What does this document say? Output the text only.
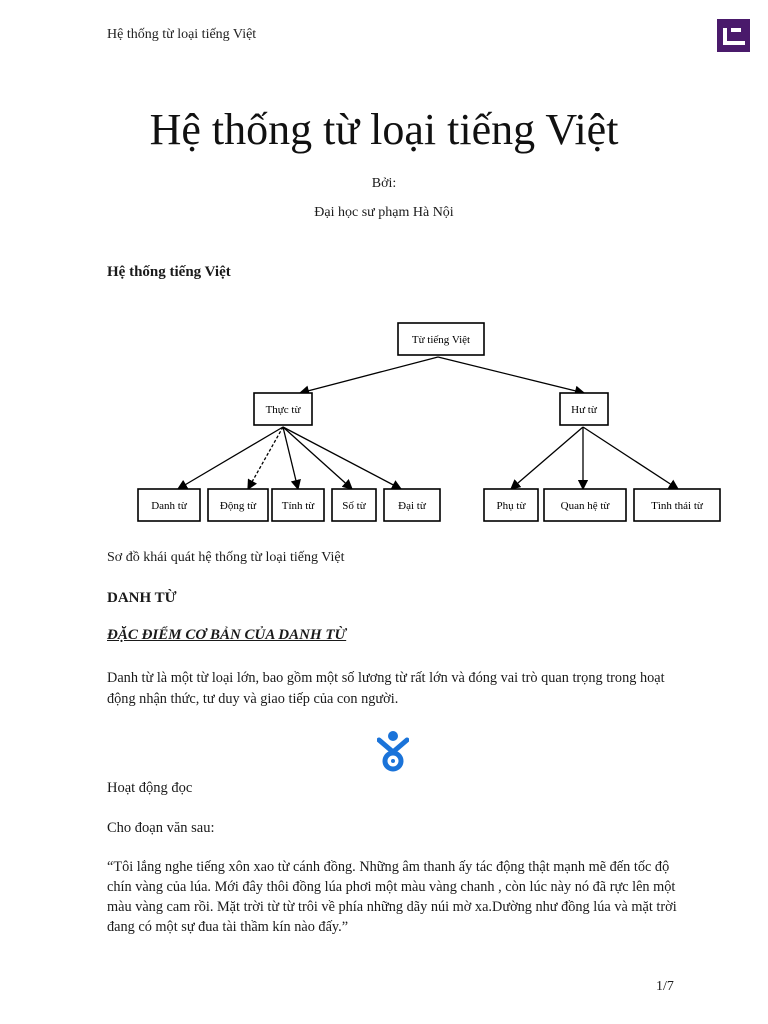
Hệ thống từ loại tiếng Việt
Hệ thống từ loại tiếng Việt
Bởi:
Đại học sư phạm Hà Nội
Hệ thống tiếng Việt
Từ tiếng Việt
Thực từ	Hư từ
Danh từ	Động từ Tính từ	Số từ	Đại từ	Phụ từ	Quan hệ từ	Tình thái từ
Sơ đồ khái quát hệ thống từ loại tiếng Việt
DANH TỪ
ĐẶC ĐIỂM CƠ BẢN CỦA DANH TỪ
Danh từ là một từ loại lớn, bao gồm một số lương từ rất lớn và đóng vai trò quan trọng trong hoạt động nhận thức, tư duy và giao tiếp của con người.
Hoạt động đọc
Cho đoạn văn sau:
“Tôi lắng nghe tiếng xôn xao từ cánh đồng. Những âm thanh ấy tác động thật mạnh mẽ đến tốc độ chín vàng của lúa. Mới đây thôi đồng lúa phơi một màu vàng chanh , còn lúc này nó đã rực lên một màu vàng cam rồi. Mặt trời từ từ trôi về phía những dãy núi mờ xa.Dường như đồng lúa và mặt trời đang có một sự đua tài thầm kín nào đấy.”
1/7
